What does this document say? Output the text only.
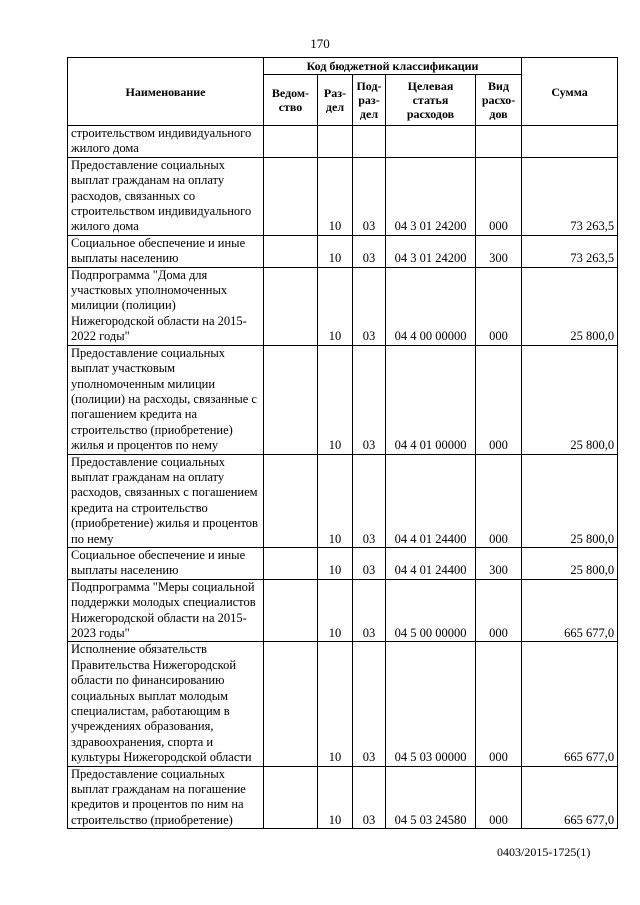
170
Наименование	Код бюджетной классификации					Сумма
	Ведом-ство	Раз-дел	Под-раз-дел	Целевая статья расходов	Вид расхо-дов	
строительством индивидуального жилого дома						
Предоставление социальных выплат гражданам на оплату расходов, связанных со строительством индивидуального жилого дома		10	03	04 3 01 24200	000	73 263,5
Социальное обеспечение и иные выплаты населению		10	03	04 3 01 24200	300	73 263,5
Подпрограмма "Дома для участковых уполномоченных милиции (полиции) Нижегородской области на 2015-2022 годы"		10	03	04 4 00 00000	000	25 800,0
Предоставление социальных выплат участковым уполномоченным милиции (полиции) на расходы, связанные с погашением кредита на строительство (приобретение) жилья и процентов по нему		10	03	04 4 01 00000	000	25 800,0
Предоставление социальных выплат гражданам на оплату расходов, связанных с погашением кредита на строительство (приобретение) жилья и процентов по нему		10	03	04 4 01 24400	000	25 800,0
Социальное обеспечение и иные выплаты населению		10	03	04 4 01 24400	300	25 800,0
Подпрограмма "Меры социальной поддержки молодых специалистов Нижегородской области на 2015-2023 годы"		10	03	04 5 00 00000	000	665 677,0
Исполнение обязательств Правительства Нижегородской области по финансированию социальных выплат молодым специалистам, работающим в учреждениях образования, здравоохранения, спорта и культуры Нижегородской области		10	03	04 5 03 00000	000	665 677,0
Предоставление социальных выплат гражданам на погашение кредитов и процентов по ним на строительство (приобретение)		10	03	04 5 03 24580	000	665 677,0
0403/2015-1725(1)
